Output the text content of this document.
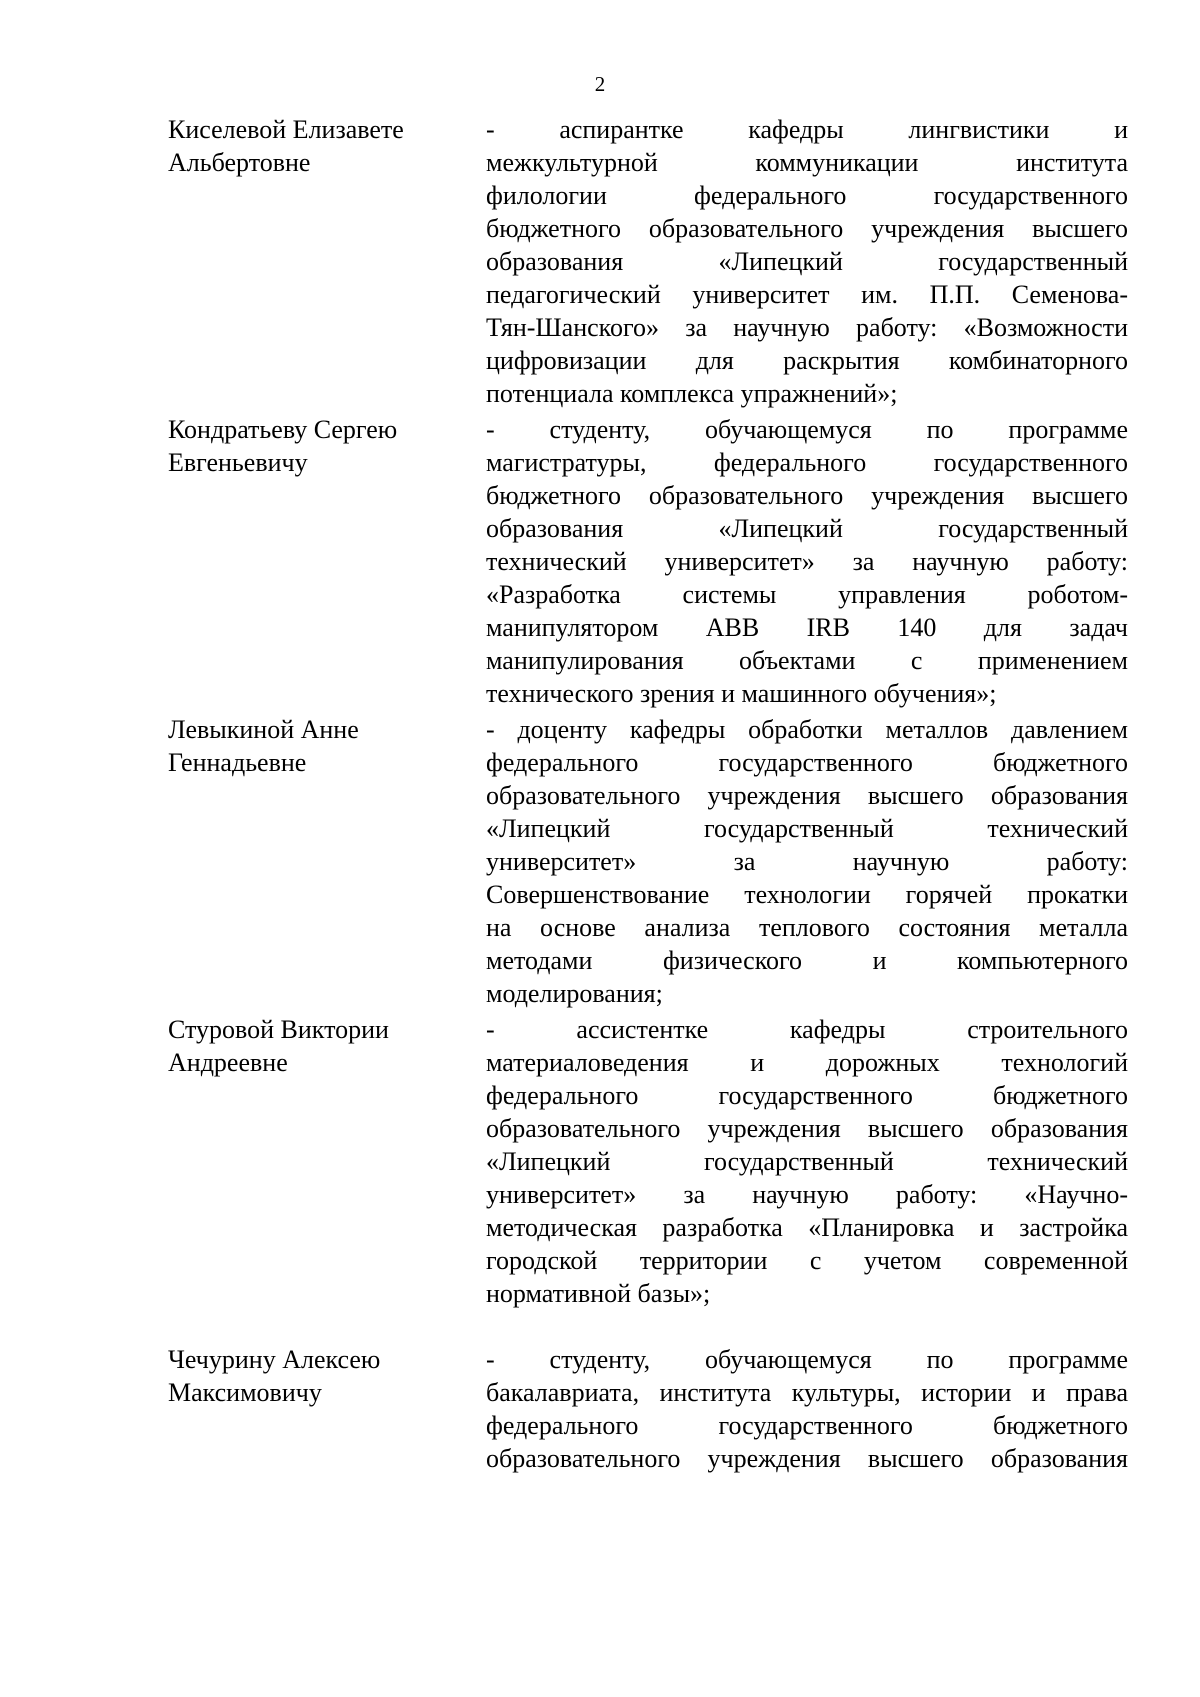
2
Киселевой Елизавете
Альбертовне
- аспирантке кафедры лингвистики и
межкультурной коммуникации института
филологии федерального государственного
бюджетного образовательного учреждения высшего
образования «Липецкий государственный
педагогический университет им. П.П. Семенова-
Тян-Шанского» за научную работу: «Возможности
цифровизации для раскрытия комбинаторного
потенциала комплекса упражнений»;
Кондратьеву Сергею
Евгеньевичу
- студенту, обучающемуся по программе
магистратуры, федерального государственного
бюджетного образовательного учреждения высшего
образования «Липецкий государственный
технический университет» за научную работу:
«Разработка системы управления роботом-
манипулятором ABB IRB 140 для задач
манипулирования объектами с применением
технического зрения и машинного обучения»;
Левыкиной Анне
Геннадьевне
- доценту кафедры обработки металлов давлением
федерального государственного бюджетного
образовательного учреждения высшего образования
«Липецкий государственный технический
университет» за научную работу:
Совершенствование технологии горячей прокатки
на основе анализа теплового состояния металла
методами физического и компьютерного
моделирования;
Стуровой Виктории
Андреевне
- ассистентке кафедры строительного
материаловедения и дорожных технологий
федерального государственного бюджетного
образовательного учреждения высшего образования
«Липецкий государственный технический
университет» за научную работу: «Научно-
методическая разработка «Планировка и застройка
городской территории с учетом современной
нормативной базы»;
Чечурину Алексею
Максимовичу
- студенту, обучающемуся по программе
бакалавриата, института культуры, истории и права
федерального государственного бюджетного
образовательного учреждения высшего образования
